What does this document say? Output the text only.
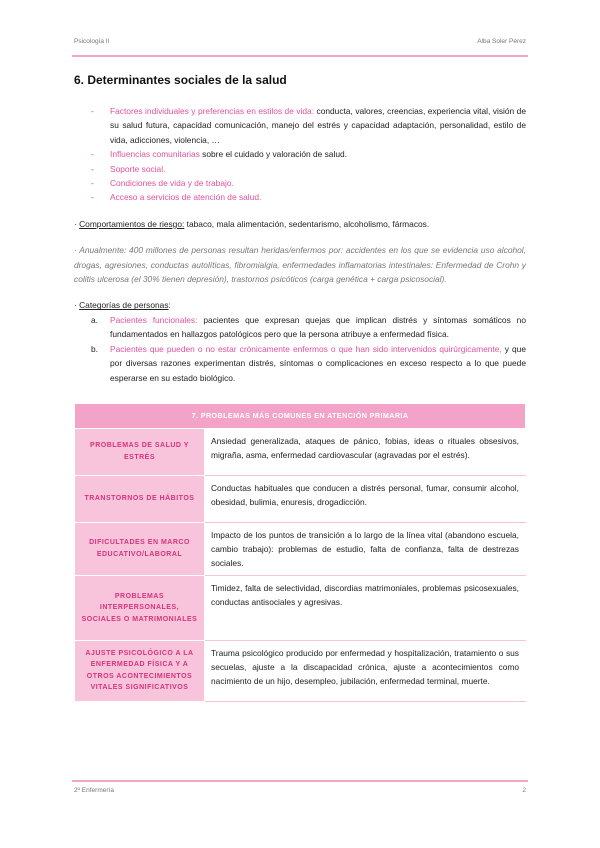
Psicología II	Alba Soler Pérez
6. Determinantes sociales de la salud
- Factores individuales y preferencias en estilos de vida: conducta, valores, creencias, experiencia vital, visión de su salud futura, capacidad comunicación, manejo del estrés y capacidad adaptación, personalidad, estilo de vida, adicciones, violencia, …
- Influencias comunitarias sobre el cuidado y valoración de salud.
- Soporte social.
- Condiciones de vida y de trabajo.
- Acceso a servicios de atención de salud.

· Comportamientos de riesgo: tabaco, mala alimentación, sedentarismo, alcoholismo, fármacos.

· Anualmente: 400 millones de personas resultan heridas/enfermos por: accidentes en los que se evidencia uso alcohol, drogas, agresiones, conductas autolíticas, fibromialgia, enfermedades inflamatorias intestinales: Enfermedad de Crohn y colitis ulcerosa (el 30% tienen depresión), trastornos psicóticos (carga genética + carga psicosocial).

· Categorías de personas:

a. Pacientes funcionales: pacientes que expresan quejas que implican distrés y síntomas somáticos no fundamentados en hallazgos patológicos pero que la persona atribuye a enfermedad física.
b. Pacientes que pueden o no estar crónicamente enfermos o que han sido intervenidos quirúrgicamente, y que por diversas razones experimentan distrés, síntomas o complicaciones en exceso respecto a lo que puede esperarse en su estado biológico.
7. PROBLEMAS MÁS COMUNES EN ATENCIÓN PRIMARIA	
PROBLEMAS DE SALUD Y ESTRÉS	Ansiedad generalizada, ataques de pánico, fobias, ideas o rituales obsesivos, migraña, asma, enfermedad cardiovascular (agravadas por el estrés).
TRANSTORNOS DE HÁBITOS	Conductas habituales que conducen a distrés personal, fumar, consumir alcohol, obesidad, bulimia, enuresis, drogadicción.
DIFICULTADES EN MARCO EDUCATIVO/LABORAL	Impacto de los puntos de transición a lo largo de la línea vital (abandono escuela, cambio trabajo): problemas de estudio, falta de confianza, falta de destrezas sociales.
PROBLEMAS INTERPERSONALES, SOCIALES O MATRIMONIALES	Timidez, falta de selectividad, discordias matrimoniales, problemas psicosexuales, conductas antisociales y agresivas.
AJUSTE PSICOLÓGICO A LA ENFERMEDAD FÍSICA Y A OTROS ACONTECIMIENTOS VITALES SIGNIFICATIVOS	Trauma psicológico producido por enfermedad y hospitalización, tratamiento o sus secuelas, ajuste a la discapacidad crónica, ajuste a acontecimientos como nacimiento de un hijo, desempleo, jubilación, enfermedad terminal, muerte.
2º Enfermería	2
